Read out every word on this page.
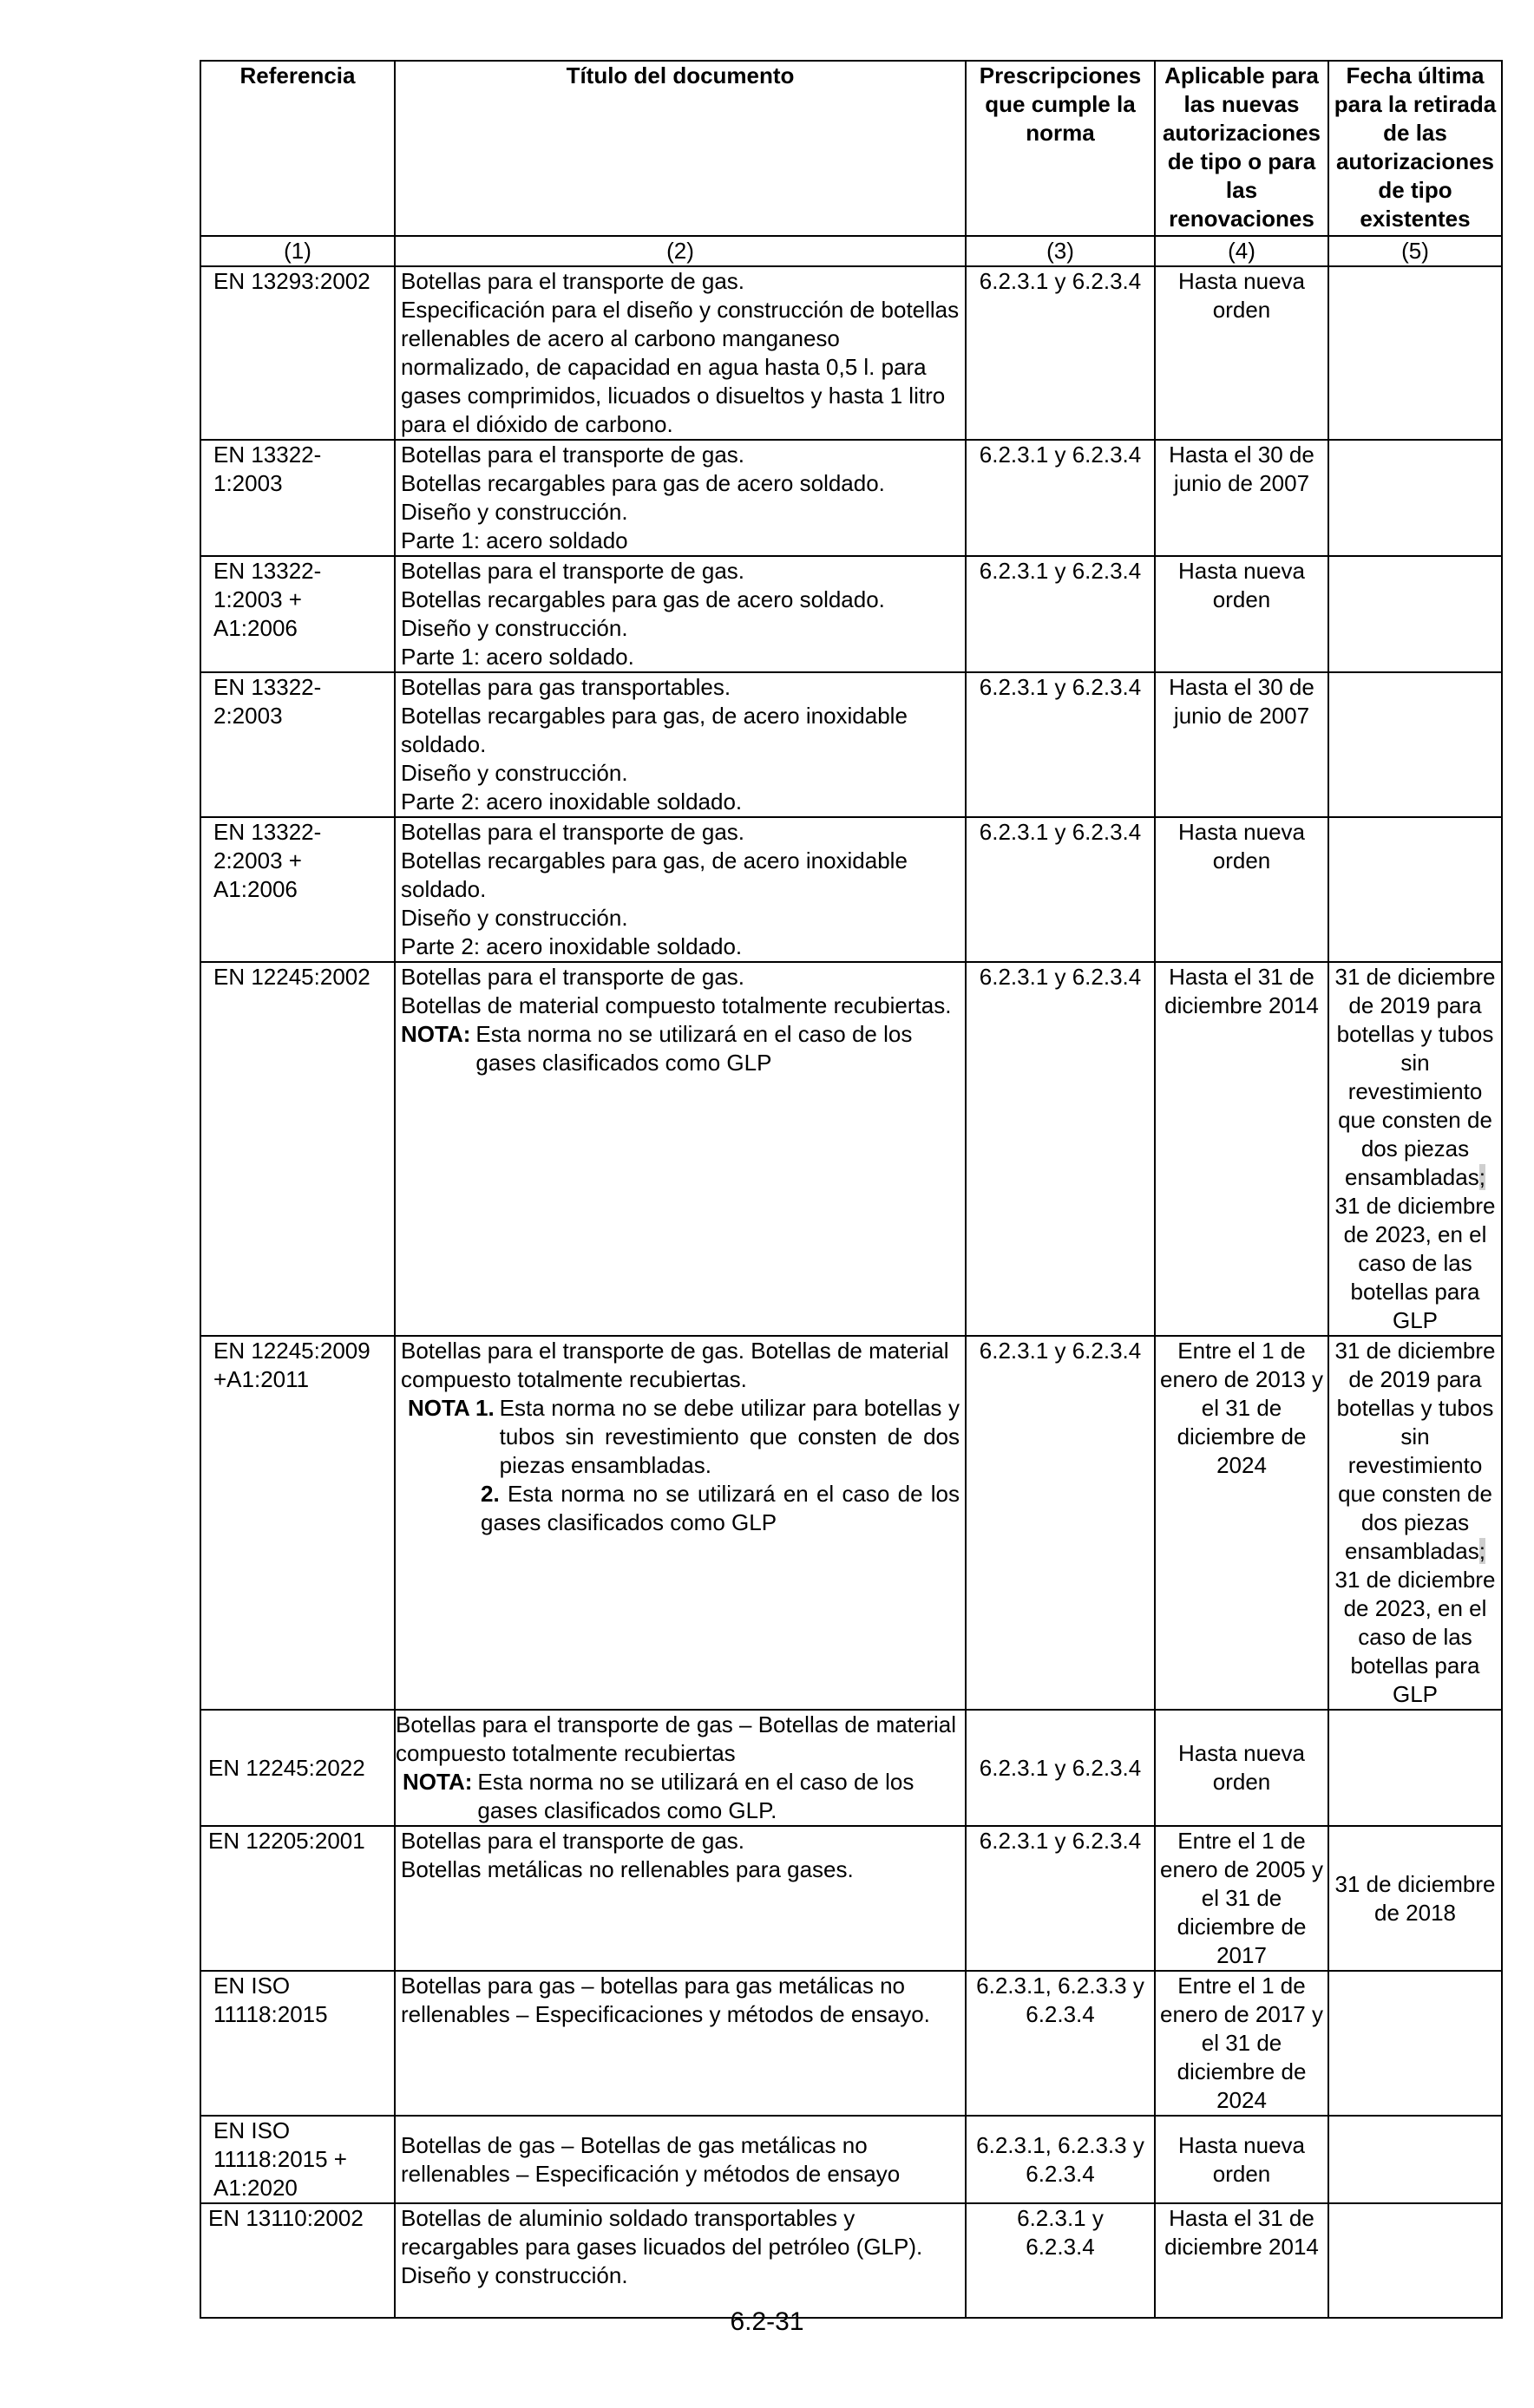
Referencia	Título del documento	Prescripciones que cumple la norma	Aplicable para las nuevas autorizaciones de tipo o para las renovaciones	Fecha última para la retirada de las autorizaciones de tipo existentes
(1)	(2)	(3)	(4)	(5)
EN 13293:2002	Botellas para el transporte de gas.
Especificación para el diseño y construcción de botellas rellenables de acero al carbono manganeso normalizado, de capacidad en agua hasta 0,5 l. para gases comprimidos, licuados o disueltos y hasta 1 litro para el dióxido de carbono.	6.2.3.1 y 6.2.3.4	Hasta nueva orden	
EN 13322-1:2003	Botellas para el transporte de gas.
Botellas recargables para gas de acero soldado.
Diseño y construcción.
Parte 1: acero soldado	6.2.3.1 y 6.2.3.4	Hasta el 30 de junio de 2007	
EN 13322-1:2003 + A1:2006	Botellas para el transporte de gas.
Botellas recargables para gas de acero soldado.
Diseño y construcción.
Parte 1: acero soldado.	6.2.3.1 y 6.2.3.4	Hasta nueva orden	
EN 13322-2:2003	Botellas para gas transportables.
Botellas recargables para gas, de acero inoxidable soldado.
Diseño y construcción.
Parte 2: acero inoxidable soldado.	6.2.3.1 y 6.2.3.4	Hasta el 30 de junio de 2007	
EN 13322-2:2003 + A1:2006	Botellas para el transporte de gas.
Botellas recargables para gas, de acero inoxidable soldado.
Diseño y construcción.
Parte 2: acero inoxidable soldado.	6.2.3.1 y 6.2.3.4	Hasta nueva orden	
EN 12245:2002	Botellas para el transporte de gas.
Botellas de material compuesto totalmente recubiertas.
NOTA: Esta norma no se utilizará en el caso de los gases clasificados como GLP	6.2.3.1 y 6.2.3.4	Hasta el 31 de diciembre 2014	31 de diciembre de 2019 para botellas y tubos sin revestimiento que consten de dos piezas ensambladas; 31 de diciembre de 2023, en el caso de las botellas para GLP
EN 12245:2009 +A1:2011	Botellas para el transporte de gas. Botellas de material compuesto totalmente recubiertas.
NOTA 1. Esta norma no se debe utilizar para botellas y tubos sin revestimiento que consten de dos piezas ensambladas.
2. Esta norma no se utilizará en el caso de los gases clasificados como GLP	6.2.3.1 y 6.2.3.4	Entre el 1 de enero de 2013 y el 31 de diciembre de 2024	31 de diciembre de 2019 para botellas y tubos sin revestimiento que consten de dos piezas ensambladas; 31 de diciembre de 2023, en el caso de las botellas para GLP
EN 12245:2022	Botellas para el transporte de gas – Botellas de material compuesto totalmente recubiertas
NOTA: Esta norma no se utilizará en el caso de los gases clasificados como GLP.	6.2.3.1 y 6.2.3.4	Hasta nueva orden	
EN 12205:2001	Botellas para el transporte de gas.
Botellas metálicas no rellenables para gases.	6.2.3.1 y 6.2.3.4	Entre el 1 de enero de 2005 y el 31 de diciembre de 2017	31 de diciembre de 2018
EN ISO 11118:2015	Botellas para gas – botellas para gas metálicas no rellenables – Especificaciones y métodos de ensayo.	6.2.3.1, 6.2.3.3 y 6.2.3.4	Entre el 1 de enero de 2017 y el 31 de diciembre de 2024	
EN ISO 11118:2015 + A1:2020	Botellas de gas – Botellas de gas metálicas no rellenables – Especificación y métodos de ensayo	6.2.3.1, 6.2.3.3 y 6.2.3.4	Hasta nueva orden	
EN 13110:2002	Botellas de aluminio soldado transportables y recargables para gases licuados del petróleo (GLP). Diseño y construcción.	6.2.3.1 y 6.2.3.4	Hasta el 31 de diciembre 2014	
6.2-31
